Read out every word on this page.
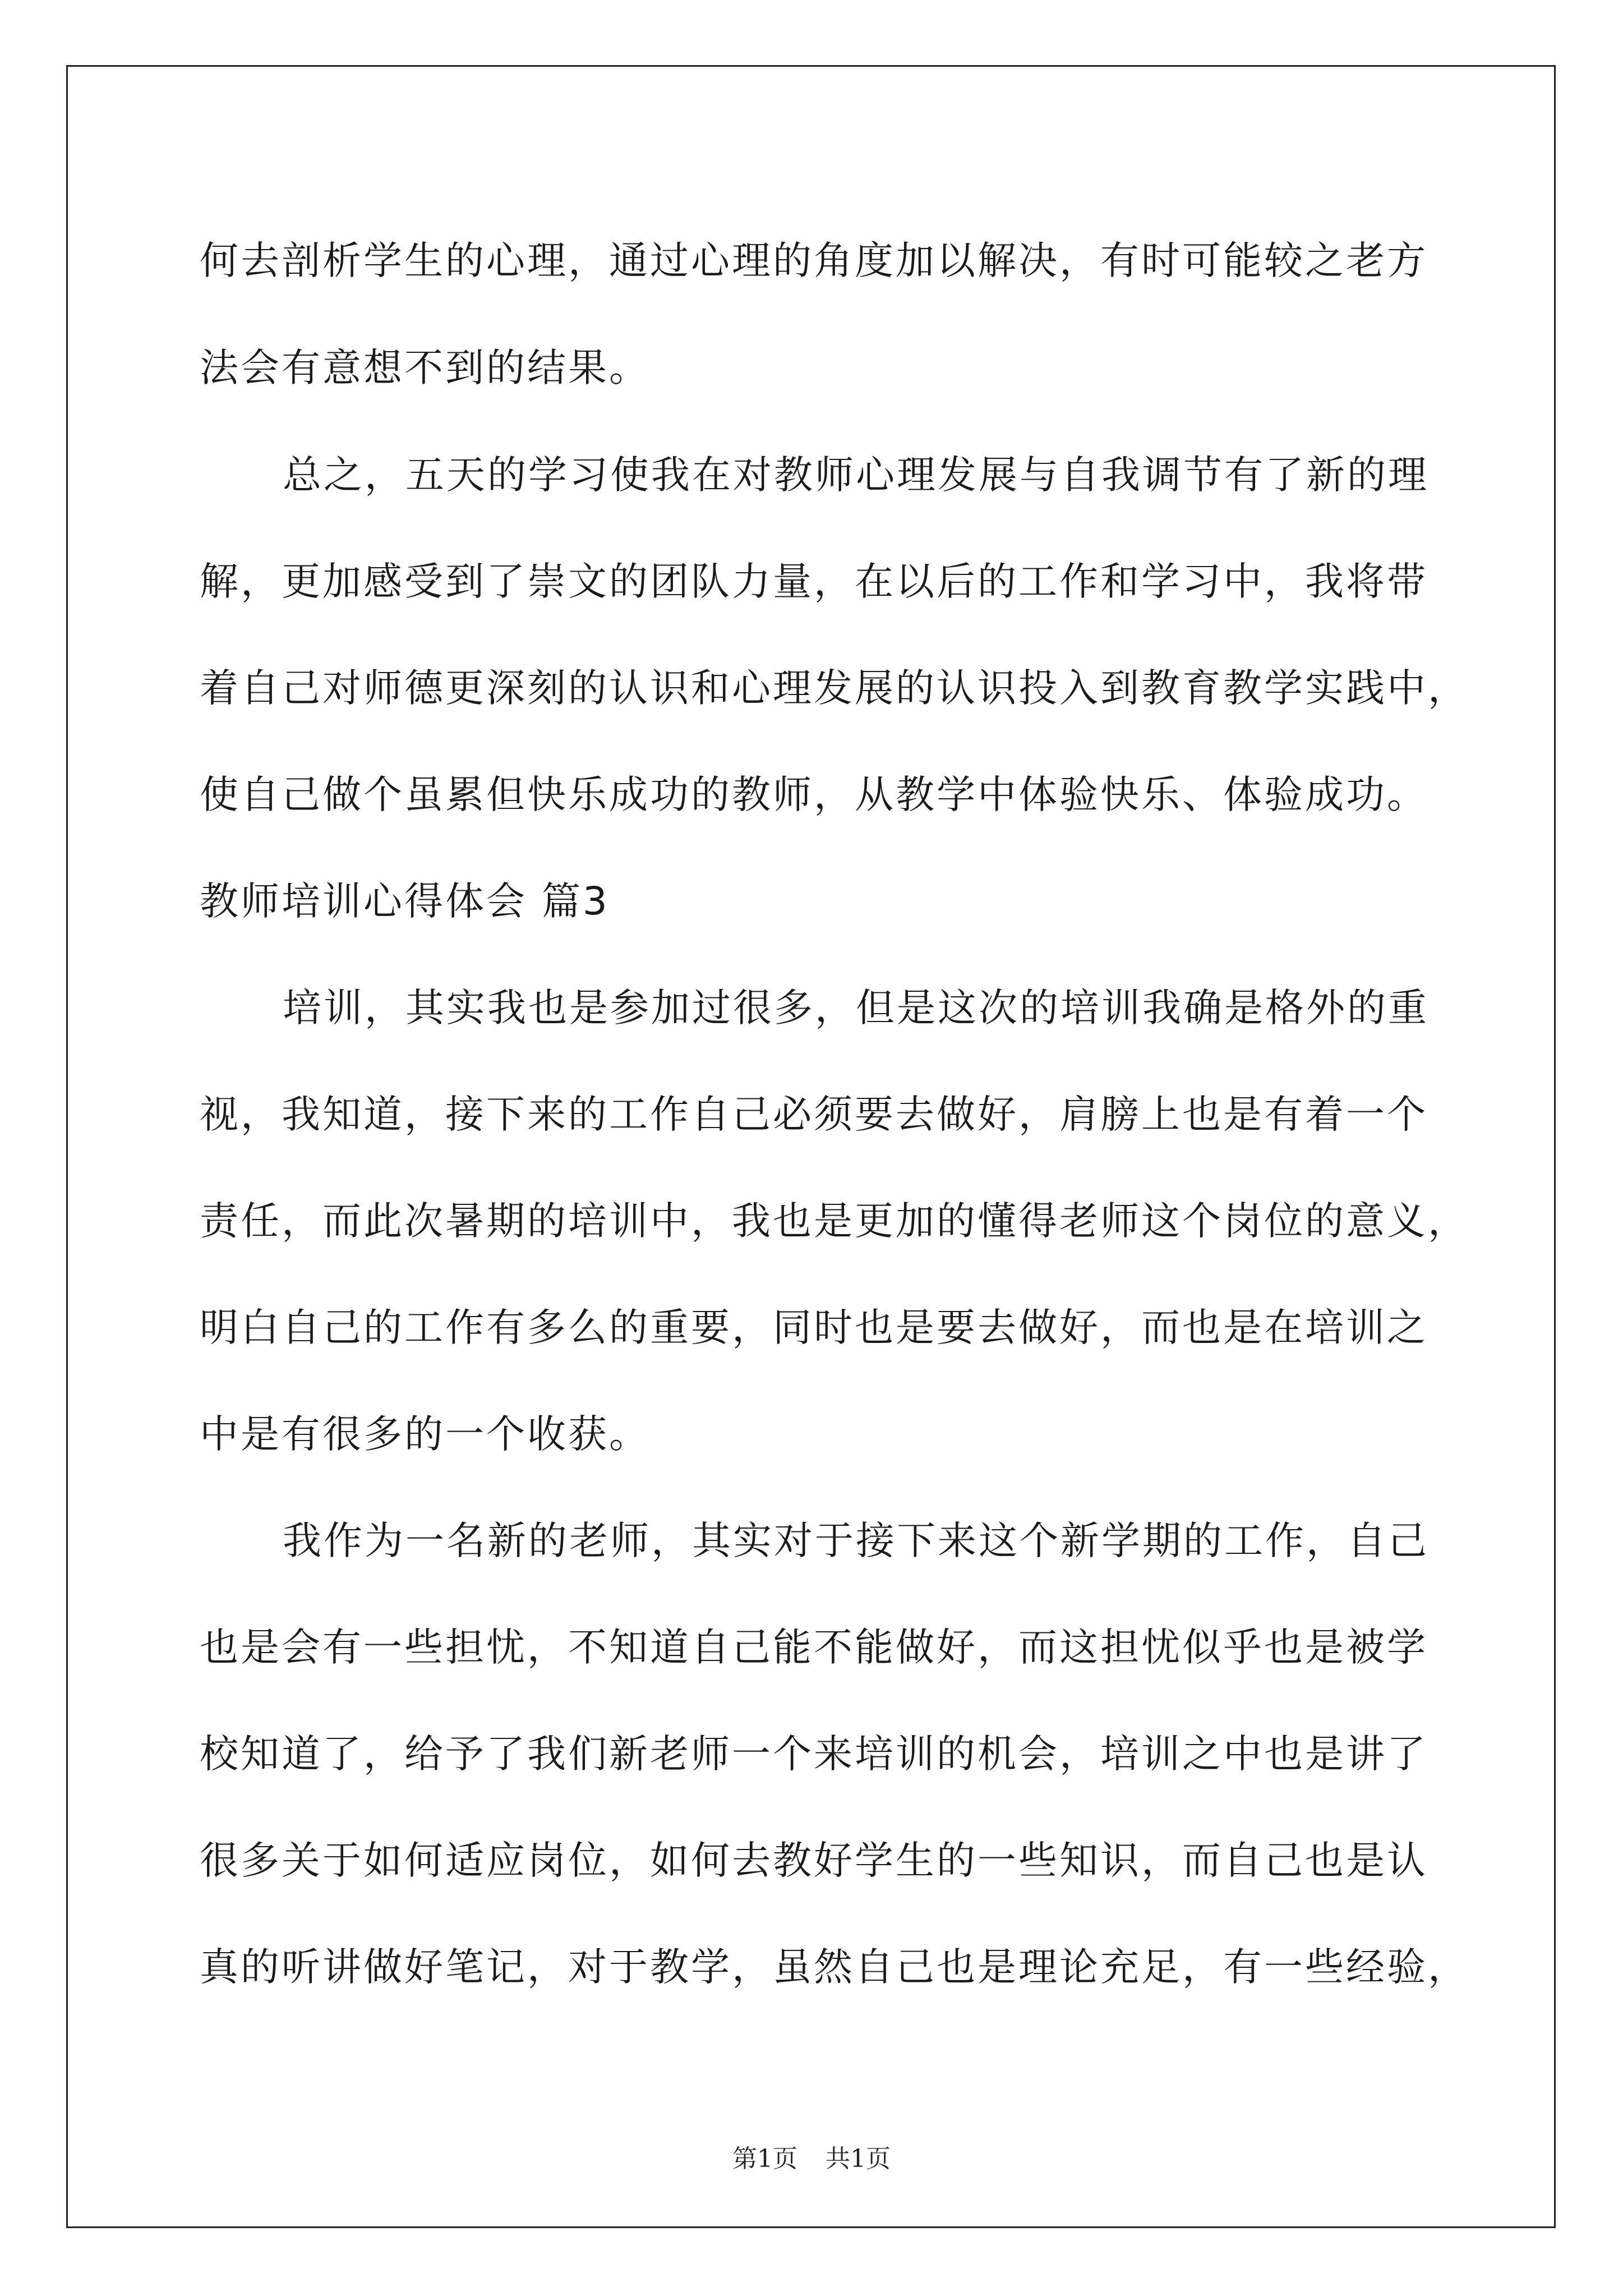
何去剖析学生的心理，通过心理的角度加以解决，有时可能较之老方
法会有意想不到的结果。
总之，五天的学习使我在对教师心理发展与自我调节有了新的理
解，更加感受到了崇文的团队力量，在以后的工作和学习中，我将带
着自己对师德更深刻的认识和心理发展的认识投入到教育教学实践中，
使自己做个虽累但快乐成功的教师，从教学中体验快乐、体验成功。
教师培训心得体会 篇3
培训，其实我也是参加过很多，但是这次的培训我确是格外的重
视，我知道，接下来的工作自己必须要去做好，肩膀上也是有着一个
责任，而此次暑期的培训中，我也是更加的懂得老师这个岗位的意义，
明白自己的工作有多么的重要，同时也是要去做好，而也是在培训之
中是有很多的一个收获。
我作为一名新的老师，其实对于接下来这个新学期的工作，自己
也是会有一些担忧，不知道自己能不能做好，而这担忧似乎也是被学
校知道了，给予了我们新老师一个来培训的机会，培训之中也是讲了
很多关于如何适应岗位，如何去教好学生的一些知识，而自己也是认
真的听讲做好笔记，对于教学，虽然自己也是理论充足，有一些经验，
第1页 共1页
